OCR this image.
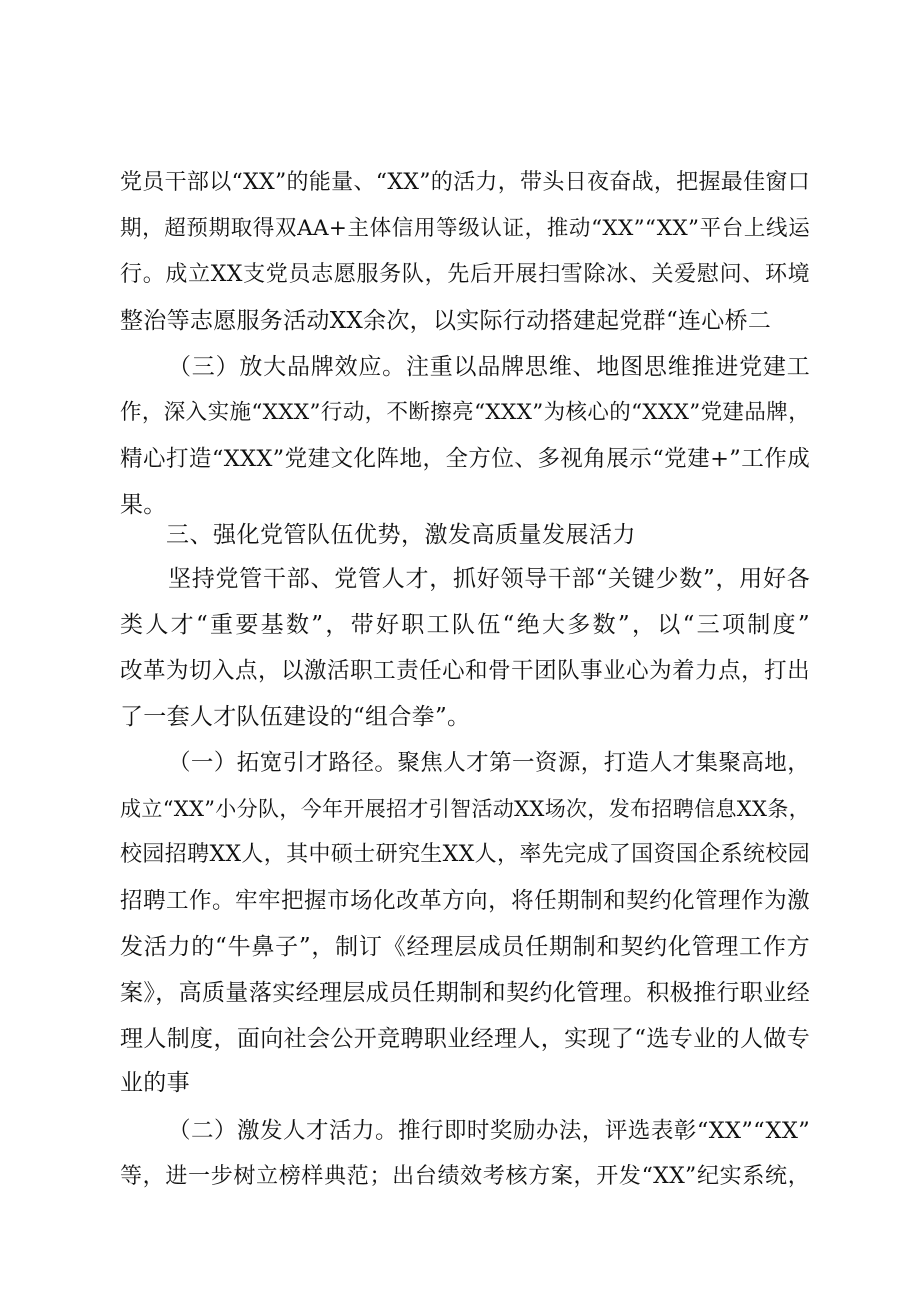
党员干部以“XX”的能量、“XX”的活力，带头日夜奋战，把握最佳窗口
期，超预期取得双AA+主体信用等级认证，推动“XX”“XX”平台上线运
行。成立XX支党员志愿服务队，先后开展扫雪除冰、关爱慰问、环境
整治等志愿服务活动XX余次，以实际行动搭建起党群“连心桥二
（三）放大品牌效应。注重以品牌思维、地图思维推进党建工
作，深入实施“XXX”行动，不断擦亮“XXX”为核心的“XXX”党建品牌，
精心打造“XXX”党建文化阵地，全方位、多视角展示“党建+”工作成
果。
三、强化党管队伍优势，激发高质量发展活力
坚持党管干部、党管人才，抓好领导干部“关键少数”，用好各
类人才“重要基数”，带好职工队伍“绝大多数”，以“三项制度”
改革为切入点，以激活职工责任心和骨干团队事业心为着力点，打出
了一套人才队伍建设的“组合拳”。
（一）拓宽引才路径。聚焦人才第一资源，打造人才集聚高地，
成立“XX”小分队，今年开展招才引智活动XX场次，发布招聘信息XX条，
校园招聘XX人，其中硕士研究生XX人，率先完成了国资国企系统校园
招聘工作。牢牢把握市场化改革方向，将任期制和契约化管理作为激
发活力的“牛鼻子”，制订《经理层成员任期制和契约化管理工作方
案》，高质量落实经理层成员任期制和契约化管理。积极推行职业经
理人制度，面向社会公开竞聘职业经理人，实现了“选专业的人做专
业的事
（二）激发人才活力。推行即时奖励办法，评选表彰“XX”“XX”
等，进一步树立榜样典范；出台绩效考核方案，开发“XX”纪实系统，
